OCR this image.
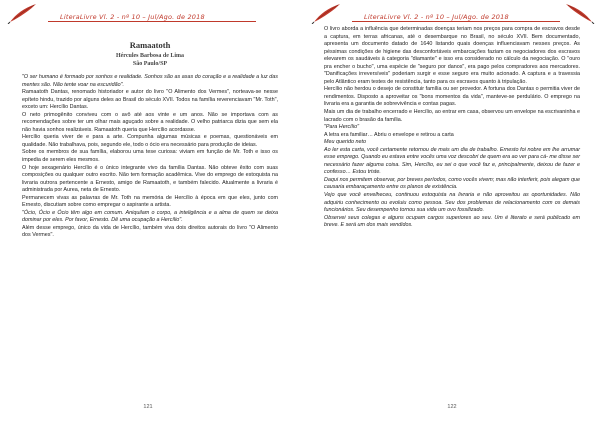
LiteraLivre Vl. 2 - nº 10 – Jul/Ago. de 2018
Ramaatoth
Hércules Barbosa de Lima
São Paulo/SP

"O ser humano é formado por sonhos e realidade. Sonhos são as asas do coração e a realidade a luz das mentes são. Não tente voar na escuridão".

Ramaatoth Dantas, renomado historiador e autor do livro "O Alimento dos Vermes", norteava-se nesse epíteto hindu, trazido por alguns deles ao Brasil do século XVII. Todos na família reverenciavam "Mr. Toth", exceto um: Hercílio Dantas.

O neto primogênito conviveu com o avô até aos vinte e um anos. Não se importava com as recomendações sobre ter um olhar mais aguçado sobre a realidade. O velho patriarca dizia que sem ela não havia sonhos realizáveis. Ramaatoth queria que Hercílio acordasse.

Hercílio queria viver de e para a arte. Compunha algumas músicas e poemas, questionáveis em qualidade. Não trabalhava, pois, segundo ele, todo o ócio era necessário para produção de ideias.

Sobre os membros de sua família, elaborou uma tese curiosa: viviam em função de Mr. Toth e isso os impedia de serem eles mesmos.

O hoje sexagenário Hercílio é o único integrante vivo da família Dantas. Não obteve êxito com suas composições ou qualquer outro escrito. Não tem formação acadêmica. Vive do emprego de estoquista na livraria outrora pertencente a Ernesto, amigo de Ramaatoth, e também falecido. Atualmente a livraria é administrada por Aurea, neta de Ernesto.

Permanecem vivas as palavras de Mr. Toth na memória de Hercílio à época em que eles, junto com Ernesto, discutiam sobre como empregar o aspirante a artista.

"Ócio, Ócio e Ócio têm algo em comum. Aniquilam o corpo, a inteligência e a alma de quem se deixa dominar por eles. Por favor, Ernesto. Dê uma ocupação a Hercílio".

Além desse emprego, único da vida de Hercílio, também viva dois direitos autorais do livro "O Alimento dos Vermes".

121
LiteraLivre Vl. 2 - nº 10 – Jul/Ago. de 2018

O livro aborda a influência que determinadas doenças teriam nos preços para compra de escravos desde a captura, em terras africanas, até o desembarque no Brasil, no século XVII. Bem documentado, apresenta um documento datado de 1640 listando quais doenças influenciavam nesses preços. As péssimas condições de higiene das desconfortáveis embarcações faziam os negociadores dos escravos elevarem os saudáveis à categoria "diamante" e isso era considerado no cálculo da negociação. O "ouro pra encher o bucho", uma espécie de "seguro por danos", era pago pelos compradores aos mercadores. "Danificações irreversíveis" poderiam surgir e esse seguro era muito acionado. A captura e a travessia pelo Atlântico eram testes de resistência, tanto para os escravos quanto à tripulação.

Hercílio não herdou o desejo de constituir família ou ser provedor. A fortuna dos Dantas o permitia viver de rendimentos. Disposto a aproveitar os "bons momentos da vida", manteve-se perdulário. O emprego na livraria era a garantia de sobrevivência e contas pagas.

Mais um dia de trabalho encerrado e Hercílio, ao entrar em casa, observou um envelope na escrivaninha e lacrado com o brasão da família.

"Para Hercílio"

A letra era familiar… Abriu o envelope e retirou a carta

Meu querido neto

Ao ler esta carta, você certamente retornou de mais um dia de trabalho. Ernesto foi nobre em lhe arrumar esse emprego. Quando eu estava entre vocês uma voz descobri de quem era ao ver para cá- me disse ser necessário fazer alguma coisa. Sim, Hercílio, eu sei o que você faz e, principalmente, deixou de fazer e confesso… Estou triste.

Daqui nos permitem observar, por breves períodos, como vocês vivem; mas não interferir, pois alegam que causaria embaraçamento entre os planos de existência.

Vejo que você envelheceu, continuou estoquista na livraria e não aproveitou as oportunidades. Não adquiriu conhecimento ou evoluiu como pessoa. Seu dos problemas de relacionamento com os demais funcionários. Seu desempenho tornou sua vida um ovo fossilizado.

Observei seus colegas e alguns ocupam cargos superiores ao seu. Um é literato e será publicado em breve. E será um dos mais vendidos.

122
